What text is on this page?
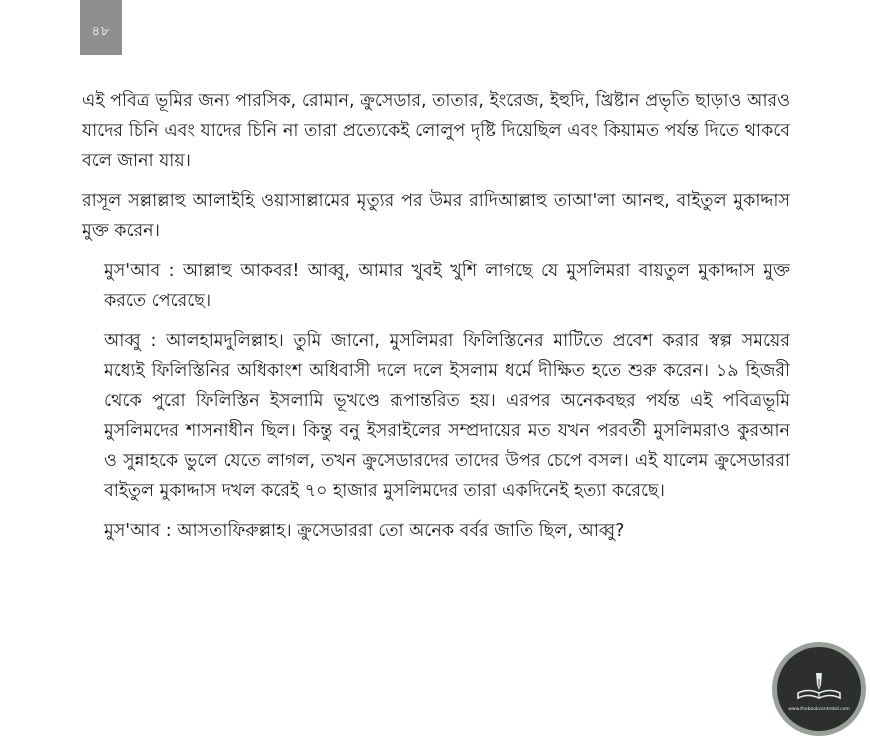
৪৮

এই পবিত্র ভূমির জন্য পারসিক, রোমান, ক্রুসেডার, তাতার, ইংরেজ, ইহুদি, খ্রিষ্টান প্রভৃতি ছাড়াও আরও যাদের চিনি এবং যাদের চিনি না তারা প্রত্যেকেই লোলুপ দৃষ্টি দিয়েছিল এবং কিয়ামত পর্যন্ত দিতে থাকবে বলে জানা যায়।

রাসূল সল্লাল্লাহু আলাইহি ওয়াসাল্লামের মৃত্যুর পর উমর রাদিআল্লাহু তাআ'লা আনহু, বাইতুল মুকাদ্দাস মুক্ত করেন।

মুস'আব : আল্লাহু আকবর! আব্বু, আমার খুবই খুশি লাগছে যে মুসলিমরা বায়তুল মুকাদ্দাস মুক্ত করতে পেরেছে।

আব্বু : আলহামদুলিল্লাহ। তুমি জানো, মুসলিমরা ফিলিস্তিনের মাটিতে প্রবেশ করার স্বল্প সময়ের মধ্যেই ফিলিস্তিনির অধিকাংশ অধিবাসী দলে দলে ইসলাম ধর্মে দীক্ষিত হতে শুরু করেন। ১৯ হিজরী থেকে পুরো ফিলিস্তিন ইসলামি ভূখণ্ডে রূপান্তরিত হয়। এরপর অনেকবছর পর্যন্ত এই পবিত্রভূমি মুসলিমদের শাসনাধীন ছিল। কিন্তু বনু ইসরাইলের সম্প্রদায়ের মত যখন পরবর্তী মুসলিমরাও কুরআন ও সুন্নাহকে ভুলে যেতে লাগল, তখন ক্রুসেডারদের তাদের উপর চেপে বসল। এই যালেম ক্রুসেডাররা বাইতুল মুকাদ্দাস দখল করেই ৭০ হাজার মুসলিমদের তারা একদিনেই হত্যা করেছে।

মুস'আব : আসতাফিরুল্লাহ। ক্রুসেডাররা তো অনেক বর্বর জাতি ছিল, আব্বু?

www.thebookcentrebd.com
